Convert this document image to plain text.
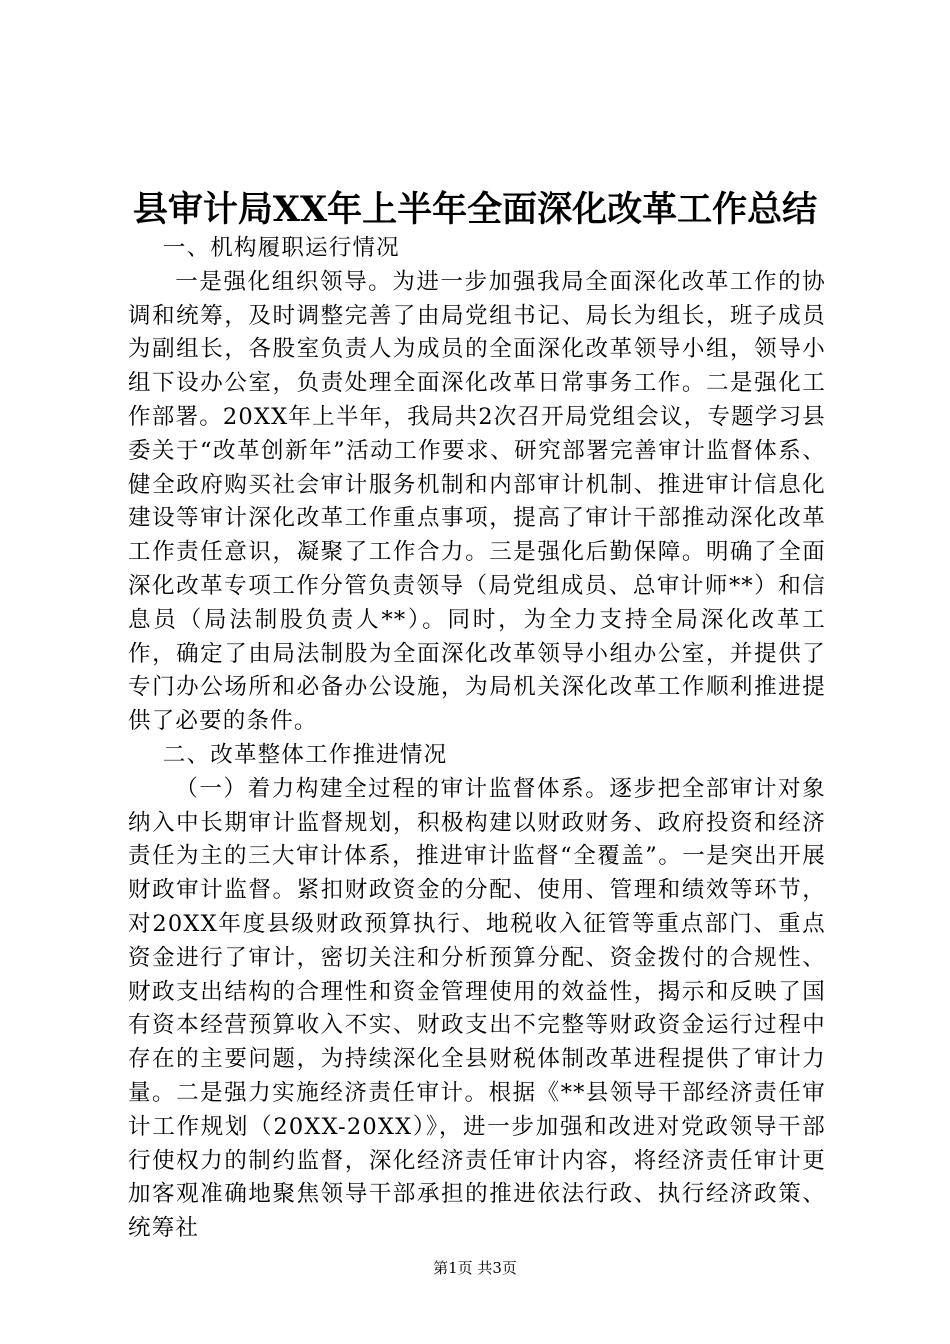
县审计局XX年上半年全面深化改革工作总结

一、机构履职运行情况

一是强化组织领导。为进一步加强我局全面深化改革工作的协调和统筹，及时调整完善了由局党组书记、局长为组长，班子成员为副组长，各股室负责人为成员的全面深化改革领导小组，领导小组下设办公室，负责处理全面深化改革日常事务工作。二是强化工作部署。20XX年上半年，我局共2次召开局党组会议，专题学习县委关于“改革创新年”活动工作要求、研究部署完善审计监督体系、健全政府购买社会审计服务机制和内部审计机制、推进审计信息化建设等审计深化改革工作重点事项，提高了审计干部推动深化改革工作责任意识，凝聚了工作合力。三是强化后勤保障。明确了全面深化改革专项工作分管负责领导（局党组成员、总审计师**）和信息员（局法制股负责人**）。同时，为全力支持全局深化改革工作，确定了由局法制股为全面深化改革领导小组办公室，并提供了专门办公场所和必备办公设施，为局机关深化改革工作顺利推进提供了必要的条件。

二、改革整体工作推进情况

（一）着力构建全过程的审计监督体系。逐步把全部审计对象纳入中长期审计监督规划，积极构建以财政财务、政府投资和经济责任为主的三大审计体系，推进审计监督“全覆盖”。一是突出开展财政审计监督。紧扣财政资金的分配、使用、管理和绩效等环节，对20XX年度县级财政预算执行、地税收入征管等重点部门、重点资金进行了审计，密切关注和分析预算分配、资金拨付的合规性、财政支出结构的合理性和资金管理使用的效益性，揭示和反映了国有资本经营预算收入不实、财政支出不完整等财政资金运行过程中存在的主要问题，为持续深化全县财税体制改革进程提供了审计力量。二是强力实施经济责任审计。根据《**县领导干部经济责任审计工作规划（20XX-20XX）》，进一步加强和改进对党政领导干部行使权力的制约监督，深化经济责任审计内容，将经济责任审计更加客观准确地聚焦领导干部承担的推进依法行政、执行经济政策、统筹社

第1页 共3页
